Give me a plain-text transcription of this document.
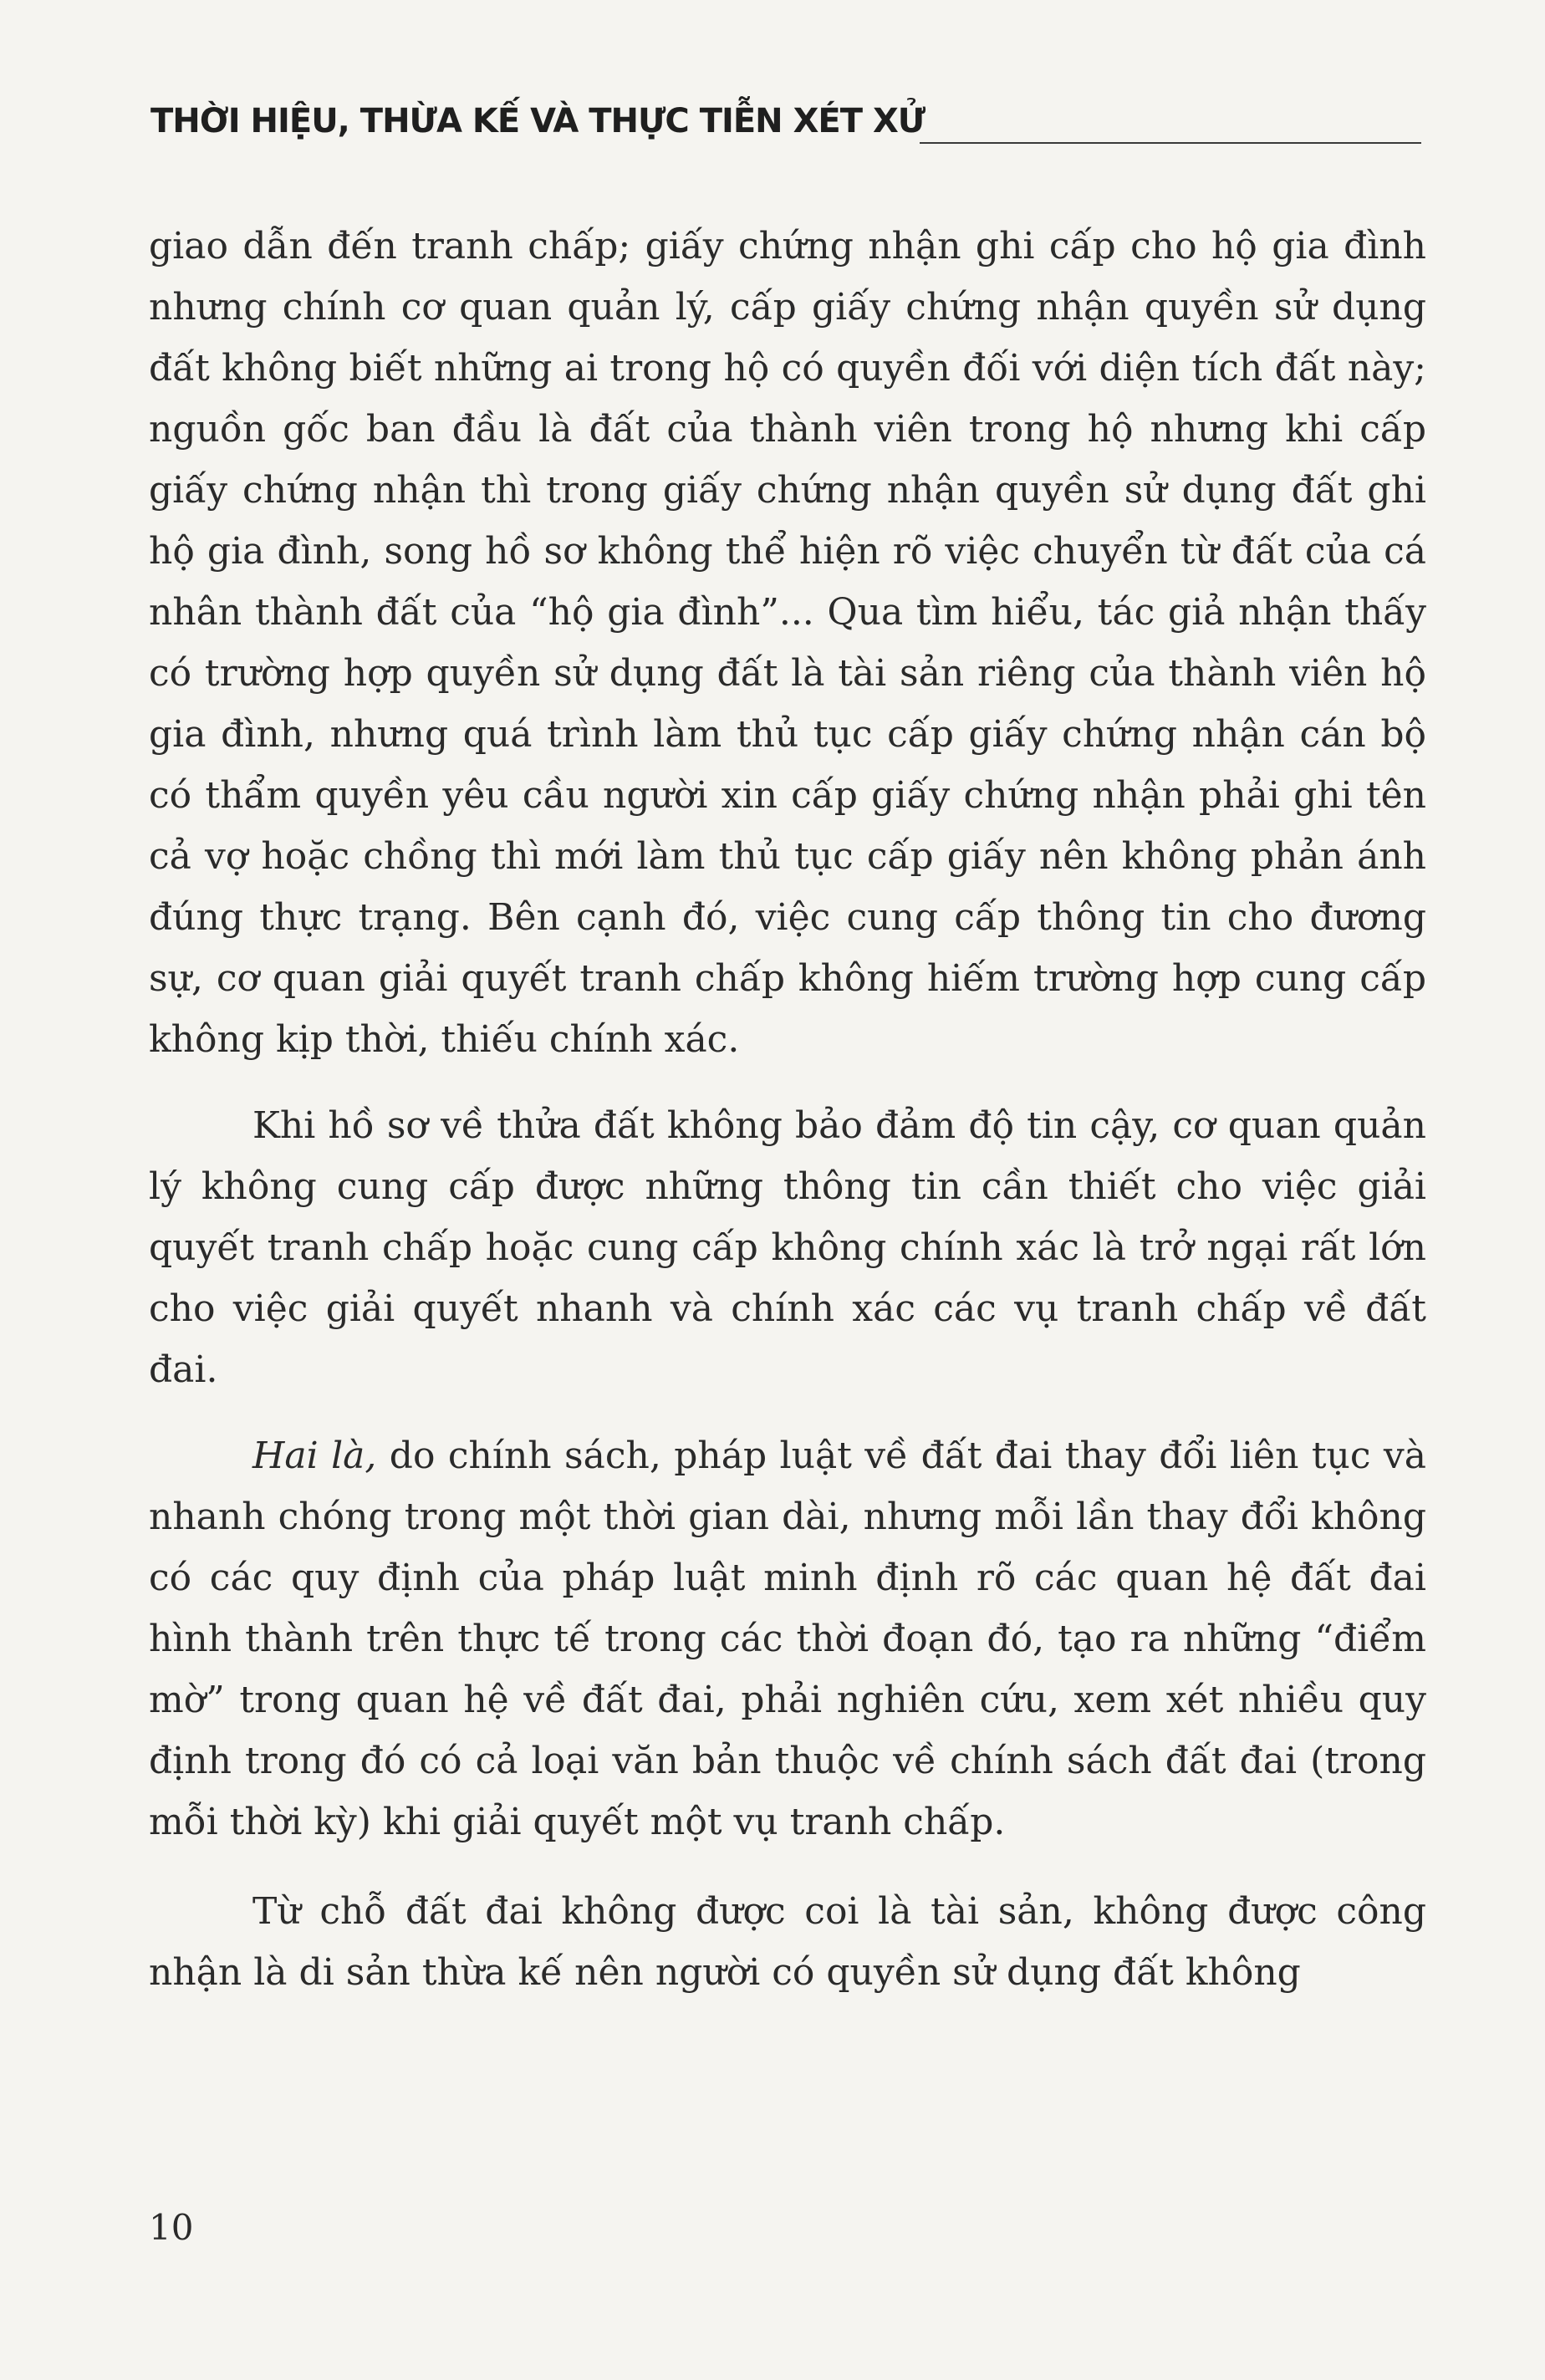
THỜI HIỆU, THỪA KẾ VÀ THỰC TIỄN XÉT XỬ

giao dẫn đến tranh chấp; giấy chứng nhận ghi cấp cho hộ gia đình nhưng chính cơ quan quản lý, cấp giấy chứng nhận quyền sử dụng đất không biết những ai trong hộ có quyền đối với diện tích đất này; nguồn gốc ban đầu là đất của thành viên trong hộ nhưng khi cấp giấy chứng nhận thì trong giấy chứng nhận quyền sử dụng đất ghi hộ gia đình, song hồ sơ không thể hiện rõ việc chuyển từ đất của cá nhân thành đất của “hộ gia đình”... Qua tìm hiểu, tác giả nhận thấy có trường hợp quyền sử dụng đất là tài sản riêng của thành viên hộ gia đình, nhưng quá trình làm thủ tục cấp giấy chứng nhận cán bộ có thẩm quyền yêu cầu người xin cấp giấy chứng nhận phải ghi tên cả vợ hoặc chồng thì mới làm thủ tục cấp giấy nên không phản ánh đúng thực trạng. Bên cạnh đó, việc cung cấp thông tin cho đương sự, cơ quan giải quyết tranh chấp không hiếm trường hợp cung cấp không kịp thời, thiếu chính xác.

Khi hồ sơ về thửa đất không bảo đảm độ tin cậy, cơ quan quản lý không cung cấp được những thông tin cần thiết cho việc giải quyết tranh chấp hoặc cung cấp không chính xác là trở ngại rất lớn cho việc giải quyết nhanh và chính xác các vụ tranh chấp về đất đai.

Hai là, do chính sách, pháp luật về đất đai thay đổi liên tục và nhanh chóng trong một thời gian dài, nhưng mỗi lần thay đổi không có các quy định của pháp luật minh định rõ các quan hệ đất đai hình thành trên thực tế trong các thời đoạn đó, tạo ra những “điểm mờ” trong quan hệ về đất đai, phải nghiên cứu, xem xét nhiều quy định trong đó có cả loại văn bản thuộc về chính sách đất đai (trong mỗi thời kỳ) khi giải quyết một vụ tranh chấp.

Từ chỗ đất đai không được coi là tài sản, không được công nhận là di sản thừa kế nên người có quyền sử dụng đất không

10
